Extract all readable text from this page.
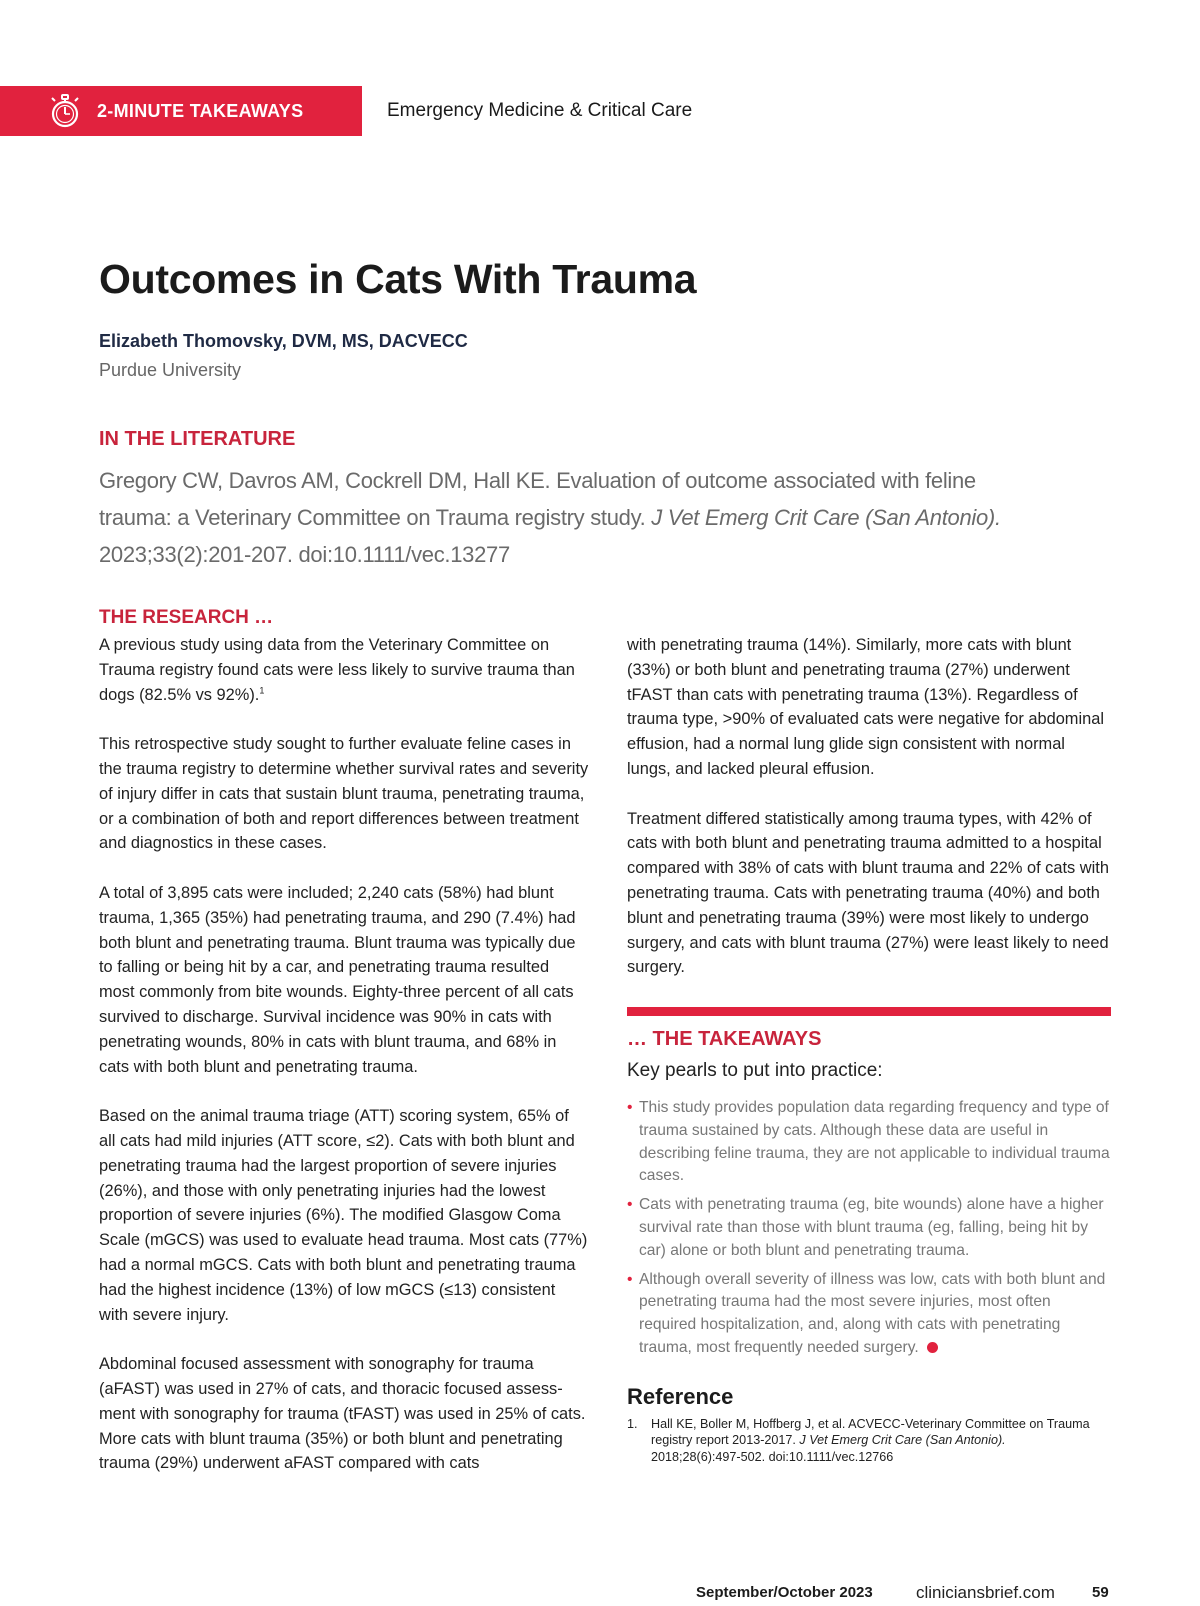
2-MINUTE TAKEAWAYS	Emergency Medicine & Critical Care
Outcomes in Cats With Trauma
Elizabeth Thomovsky, DVM, MS, DACVECC
Purdue University
IN THE LITERATURE
Gregory CW, Davros AM, Cockrell DM, Hall KE. Evaluation of outcome associated with feline trauma: a Veterinary Committee on Trauma registry study. J Vet Emerg Crit Care (San Antonio). 2023;33(2):201-207. doi:10.1111/vec.13277
THE RESEARCH …

A previous study using data from the Veterinary Committee on Trauma registry found cats were less likely to survive trauma than dogs (82.5% vs 92%).$^1$

This retrospective study sought to further evaluate feline cases in the trauma registry to determine whether survival rates and severity of injury differ in cats that sustain blunt trauma, penetrating trauma, or a combination of both and report differences between treatment and diagnostics in these cases.

A total of 3,895 cats were included; 2,240 cats (58%) had blunt trauma, 1,365 (35%) had penetrating trauma, and 290 (7.4%) had both blunt and penetrating trauma. Blunt trauma was typically due to falling or being hit by a car, and penetrating trauma resulted most commonly from bite wounds. Eighty-three percent of all cats survived to discharge. Survival incidence was 90% in cats with penetrating wounds, 80% in cats with blunt trauma, and 68% in cats with both blunt and penetrating trauma.

Based on the animal trauma triage (ATT) scoring system, 65% of all cats had mild injuries (ATT score, ≤2). Cats with both blunt and penetrating trauma had the largest proportion of severe injuries (26%), and those with only penetrating injuries had the lowest proportion of severe injuries (6%). The modified Glasgow Coma Scale (mGCS) was used to evaluate head trauma. Most cats (77%) had a normal mGCS. Cats with both blunt and penetrating trauma had the highest incidence (13%) of low mGCS (≤13) consistent with severe injury.

Abdominal focused assessment with sonography for trauma (aFAST) was used in 27% of cats, and thoracic focused assessment with sonography for trauma (tFAST) was used in 25% of cats. More cats with blunt trauma (35%) or both blunt and penetrating trauma (29%) underwent aFAST compared with cats

with penetrating trauma (14%). Similarly, more cats with blunt (33%) or both blunt and penetrating trauma (27%) underwent tFAST than cats with penetrating trauma (13%). Regardless of trauma type, >90% of evaluated cats were negative for abdominal effusion, had a normal lung glide sign consistent with normal lungs, and lacked pleural effusion.

Treatment differed statistically among trauma types, with 42% of cats with both blunt and penetrating trauma admitted to a hospital compared with 38% of cats with blunt trauma and 22% of cats with penetrating trauma. Cats with penetrating trauma (40%) and both blunt and penetrating trauma (39%) were most likely to undergo surgery, and cats with blunt trauma (27%) were least likely to need surgery.

… THE TAKEAWAYS
Key pearls to put into practice:
• This study provides population data regarding frequency and type of trauma sustained by cats. Although these data are useful in describing feline trauma, they are not applicable to individual trauma cases.
• Cats with penetrating trauma (eg, bite wounds) alone have a higher survival rate than those with blunt trauma (eg, falling, being hit by car) alone or both blunt and penetrating trauma.
• Although overall severity of illness was low, cats with both blunt and penetrating trauma had the most severe injuries, most often required hospitalization, and, along with cats with penetrating trauma, most frequently needed surgery.
Reference
1.	Hall KE, Boller M, Hoffberg J, et al. ACVECC-Veterinary Committee on Trauma registry report 2013-2017. J Vet Emerg Crit Care (San Antonio). 2018;28(6):497-502. doi:10.1111/vec.12766
September/October 2023	cliniciansbrief.com 59
